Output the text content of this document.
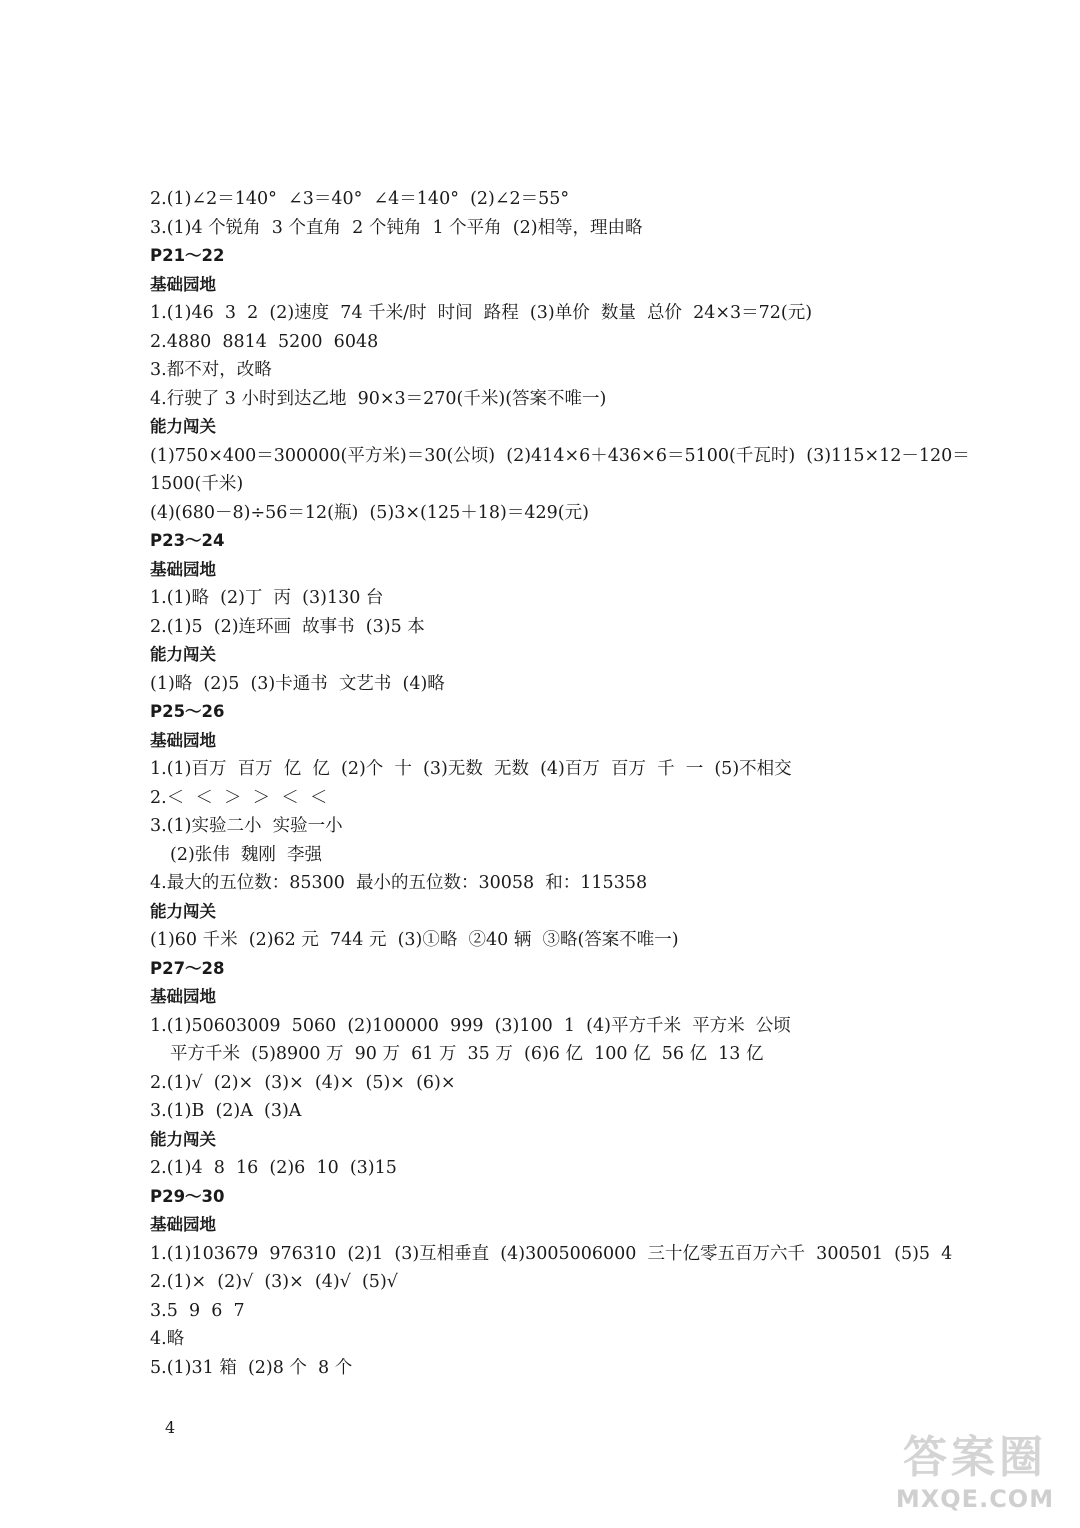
2.(1)∠2＝140°  ∠3＝40°  ∠4＝140°  (2)∠2＝55°
3.(1)4 个锐角  3 个直角  2 个钝角  1 个平角  (2)相等，理由略
P21～22
基础园地
1.(1)46  3  2  (2)速度  74 千米/时  时间  路程  (3)单价  数量  总价  24×3＝72(元)
2.4880  8814  5200  6048
3.都不对，改略
4.行驶了 3 小时到达乙地  90×3＝270(千米)(答案不唯一)
能力闯关
(1)750×400＝300000(平方米)＝30(公顷)  (2)414×6＋436×6＝5100(千瓦时)  (3)115×12－120＝
1500(千米)
(4)(680－8)÷56＝12(瓶)  (5)3×(125＋18)＝429(元)
P23～24
基础园地
1.(1)略  (2)丁  丙  (3)130 台
2.(1)5  (2)连环画  故事书  (3)5 本
能力闯关
(1)略  (2)5  (3)卡通书  文艺书  (4)略
P25～26
基础园地
1.(1)百万  百万  亿  亿  (2)个  十  (3)无数  无数  (4)百万  百万  千  一  (5)不相交
2.＜  ＜  ＞  ＞  ＜  ＜
3.(1)实验二小  实验一小
(2)张伟  魏刚  李强
4.最大的五位数：85300  最小的五位数：30058  和：115358
能力闯关
(1)60 千米  (2)62 元  744 元  (3)①略  ②40 辆  ③略(答案不唯一)
P27～28
基础园地
1.(1)50603009  5060  (2)100000  999  (3)100  1  (4)平方千米  平方米  公顷
平方千米  (5)8900 万  90 万  61 万  35 万  (6)6 亿  100 亿  56 亿  13 亿
2.(1)√  (2)×  (3)×  (4)×  (5)×  (6)×
3.(1)B  (2)A  (3)A
能力闯关
2.(1)4  8  16  (2)6  10  (3)15
P29～30
基础园地
1.(1)103679  976310  (2)1  (3)互相垂直  (4)3005006000  三十亿零五百万六千  300501  (5)5  4
2.(1)×  (2)√  (3)×  (4)√  (5)√
3.5  9  6  7
4.略
5.(1)31 箱  (2)8 个  8 个
4
答案圈
MXQE.COM
